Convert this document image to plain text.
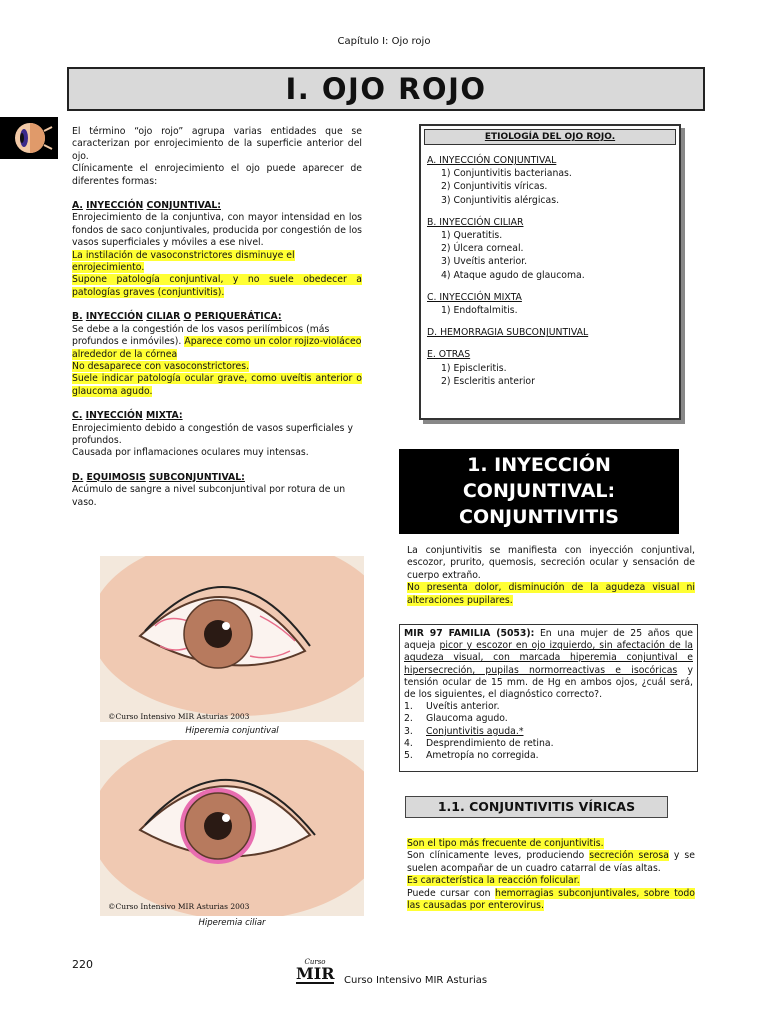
Capítulo I: Ojo rojo
I. OJO ROJO
El término “ojo rojo” agrupa varias entidades que se caracterizan por enrojecimiento de la superficie anterior del ojo.
Clínicamente el enrojecimiento el ojo puede aparecer de diferentes formas:
A. INYECCIÓN CONJUNTIVAL:
Enrojecimiento de la conjuntiva, con mayor intensidad en los fondos de saco conjuntivales, producida por congestión de los vasos superficiales y móviles a ese nivel.
La instilación de vasoconstrictores disminuye el enrojecimiento.
Supone patología conjuntival, y no suele obedecer a patologías graves (conjuntivitis).
B. INYECCIÓN CILIAR O PERIQUERÁTICA:
Se debe a la congestión de los vasos perilímbicos (más profundos e inmóviles). Aparece como un color rojizo-violáceo alrededor de la córnea
No desaparece con vasoconstrictores.
Suele indicar patología ocular grave, como uveítis anterior o glaucoma agudo.
C. INYECCIÓN MIXTA:
Enrojecimiento debido a congestión de vasos superficiales y profundos.
Causada por inflamaciones oculares muy intensas.
D. EQUIMOSIS SUBCONJUNTIVAL:
Acúmulo de sangre a nivel subconjuntival por rotura de un vaso.
©Curso Intensivo MIR Asturias 2003
Hiperemia conjuntival
©Curso Intensivo MIR Asturias 2003
Hiperemia ciliar
ETIOLOGÍA DEL OJO ROJO.
A. INYECCIÓN CONJUNTIVAL
1) Conjuntivitis bacterianas.
2) Conjuntivitis víricas.
3) Conjuntivitis alérgicas.
B. INYECCIÓN CILIAR
1) Queratitis.
2) Úlcera corneal.
3) Uveítis anterior.
4) Ataque agudo de glaucoma.
C. INYECCIÓN MIXTA
1) Endoftalmitis.
D. HEMORRAGIA SUBCONJUNTIVAL
E. OTRAS
1) Episcleritis.
2) Escleritis anterior
1. INYECCIÓN
CONJUNTIVAL:
CONJUNTIVITIS
La conjuntivitis se manifiesta con inyección conjuntival, escozor, prurito, quemosis, secreción ocular y sensación de cuerpo extraño.
No presenta dolor, disminución de la agudeza visual ni alteraciones pupilares.
MIR 97 FAMILIA (5053): En una mujer de 25 años que aqueja picor y escozor en ojo izquierdo, sin afectación de la agudeza visual, con marcada hiperemia conjuntival e hipersecreción, pupilas normorreactivas e isocóricas y tensión ocular de 15 mm. de Hg en ambos ojos, ¿cuál será, de los siguientes, el diagnóstico correcto?.
1.	Uveítis anterior.
2.	Glaucoma agudo.
3.	Conjuntivitis aguda.*
4.	Desprendimiento de retina.
5.	Ametropía no corregida.
1.1. CONJUNTIVITIS VÍRICAS
Son el tipo más frecuente de conjuntivitis.
Son clínicamente leves, produciendo secreción serosa y se suelen acompañar de un cuadro catarral de vías altas.
Es característica la reacción folicular.
Puede cursar con hemorragias subconjuntivales, sobre todo las causadas por enterovirus.
220	Curso
MIR Curso Intensivo MIR Asturias
